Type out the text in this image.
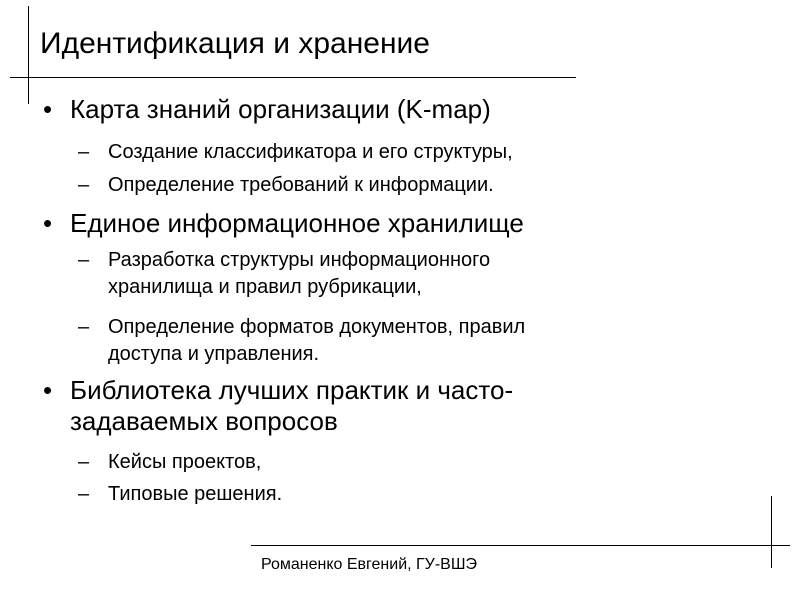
Идентификация и хранение
• Карта знаний организации (K-map)
– Создание классификатора и его структуры,
– Определение требований к информации.
• Единое информационное хранилище
– Разработка структуры информационного
хранилища и правил рубрикации,
– Определение форматов документов, правил
доступа и управления.
• Библиотека лучших практик и часто-
задаваемых вопросов
– Кейсы проектов,
– Типовые решения.
Романенко Евгений, ГУ-ВШЭ
